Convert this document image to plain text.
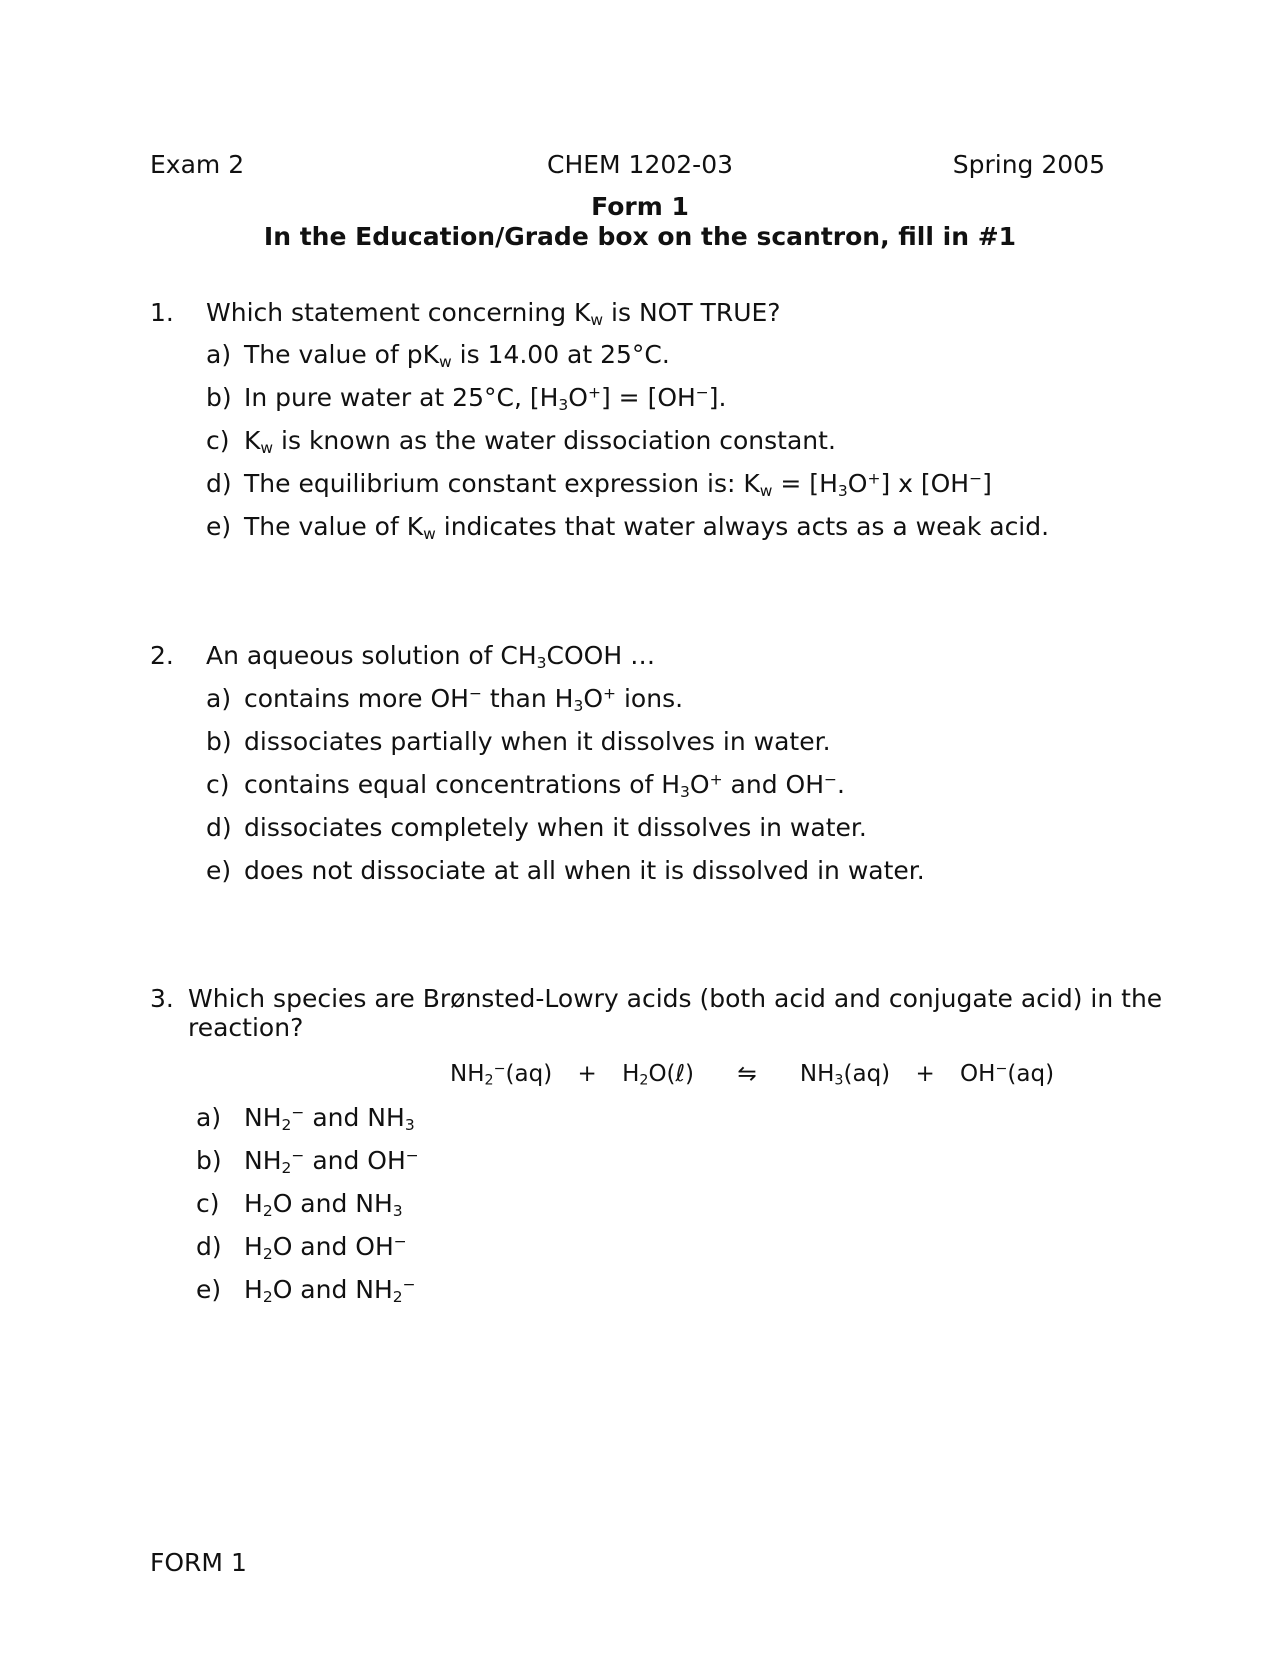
Exam 2	CHEM 1202-03	Spring 2005
Form 1
In the Education/Grade box on the scantron, fill in #1
1. Which statement concerning $K_w$ is NOT TRUE?
a) The value of $pK_w$ is 14.00 at 25°C.
b) In pure water at 25°C, $[H_3O^+] = [OH^-]$.
c) $K_w$ is known as the water dissociation constant.
d) The equilibrium constant expression is: $K_w = [H_3O^+]$ x [OH−]
e) The value of $K_w$ indicates that water always acts as a weak acid.
2. An aqueous solution of $CH_3COOH$ …
a) contains more OH− than $H_3O^+$ ions.
b) dissociates partially when it dissolves in water.
c) contains equal concentrations of $H_3O^+$ and OH−.
d) dissociates completely when it dissolves in water.
e) does not dissociate at all when it is dissolved in water.
3. Which species are Brønsted-Lowry acids (both acid and conjugate acid) in the
reaction?
$NH_2^-(aq)$ + $H_2O(\ell)$ ⇋ $NH_3(aq) + OH^-(aq)$
a) $NH_2^-$ and $NH_3$
b) $NH_2^-$ and OH−
c) $H_2O$ and $NH_3$
d) $H_2O$ and OH−
e) $H_2O$ and $NH_2^-$
FORM 1
